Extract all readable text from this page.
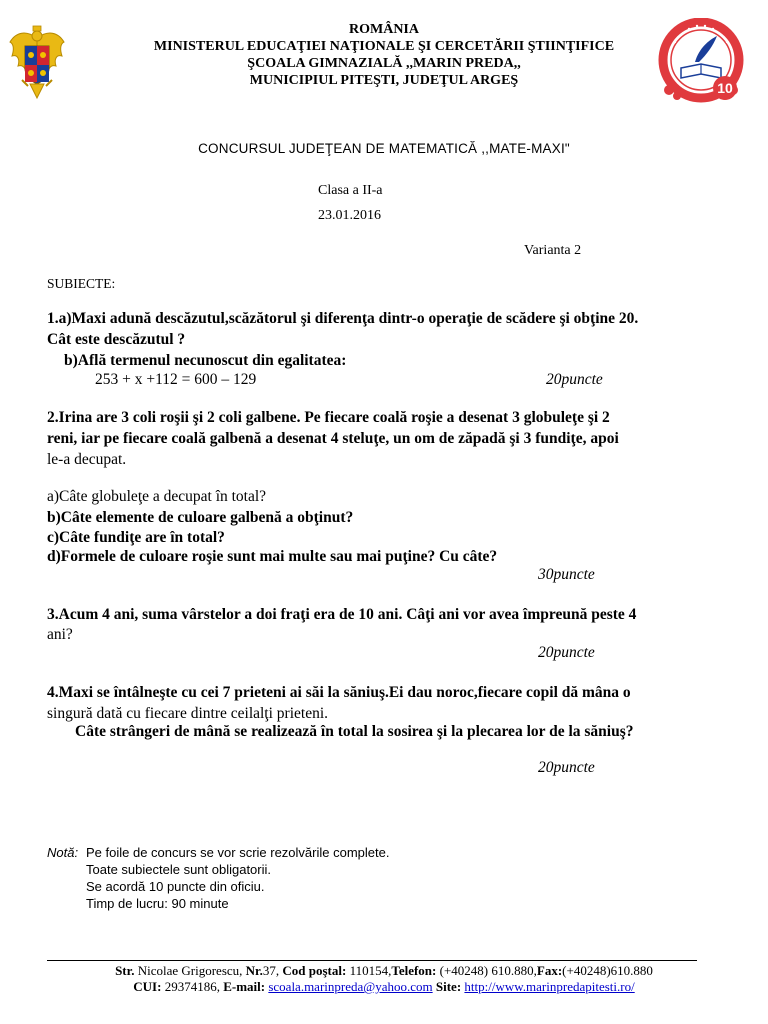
ROMÂNIA
MINISTERUL EDUCAŢIEI NAŢIONALE ŞI CERCETĂRII ŞTIINŢIFICE
ŞCOALA GIMNAZIALĂ ,,MARIN PREDA,,
MUNICIPIUL PITEŞTI, JUDEŢUL ARGEŞ	10
CONCURSUL JUDEŢEAN DE MATEMATICĂ ,,MATE-MAXI"
Clasa a II-a
23.01.2016
Varianta 2
SUBIECTE:
1.a)Maxi adună descăzutul,scăzătorul şi diferenţa dintr-o operaţie de scădere şi obţine 20.
Cât este descăzutul ?
b)Află termenul necunoscut din egalitatea:
253 + x +112 = 600 – 129	20puncte
2.Irina are 3 coli roşii şi 2 coli galbene. Pe fiecare coală roşie a desenat 3 globuleţe şi 2
reni, iar pe fiecare coală galbenă a desenat 4 steluţe, un om de zăpadă şi 3 fundiţe, apoi
le-a decupat.
a)Câte globuleţe a decupat în total?
b)Câte elemente de culoare galbenă a obţinut?
c)Câte fundiţe are în total?
d)Formele de culoare roşie sunt mai multe sau mai puţine? Cu câte?
30puncte
3.Acum 4 ani, suma vârstelor a doi fraţi era de 10 ani. Câţi ani vor avea împreună peste 4
ani?
20puncte
4.Maxi se întâlneşte cu cei 7 prieteni ai săi la săniuş.Ei dau noroc,fiecare copil dă mâna o
singură dată cu fiecare dintre ceilalţi prieteni.
Câte strângeri de mână se realizează în total la sosirea şi la plecarea lor de la săniuş?
20puncte
Notă: Pe foile de concurs se vor scrie rezolvările complete.
Toate subiectele sunt obligatorii.
Se acordă 10 puncte din oficiu.
Timp de lucru: 90 minute
Str. Nicolae Grigorescu, Nr.37, Cod poştal: 110154,Telefon: (+40248) 610.880,Fax:(+40248)610.880
CUI: 29374186, E-mail: scoala.marinpreda@yahoo.com Site: http://www.marinpredapitesti.ro/
